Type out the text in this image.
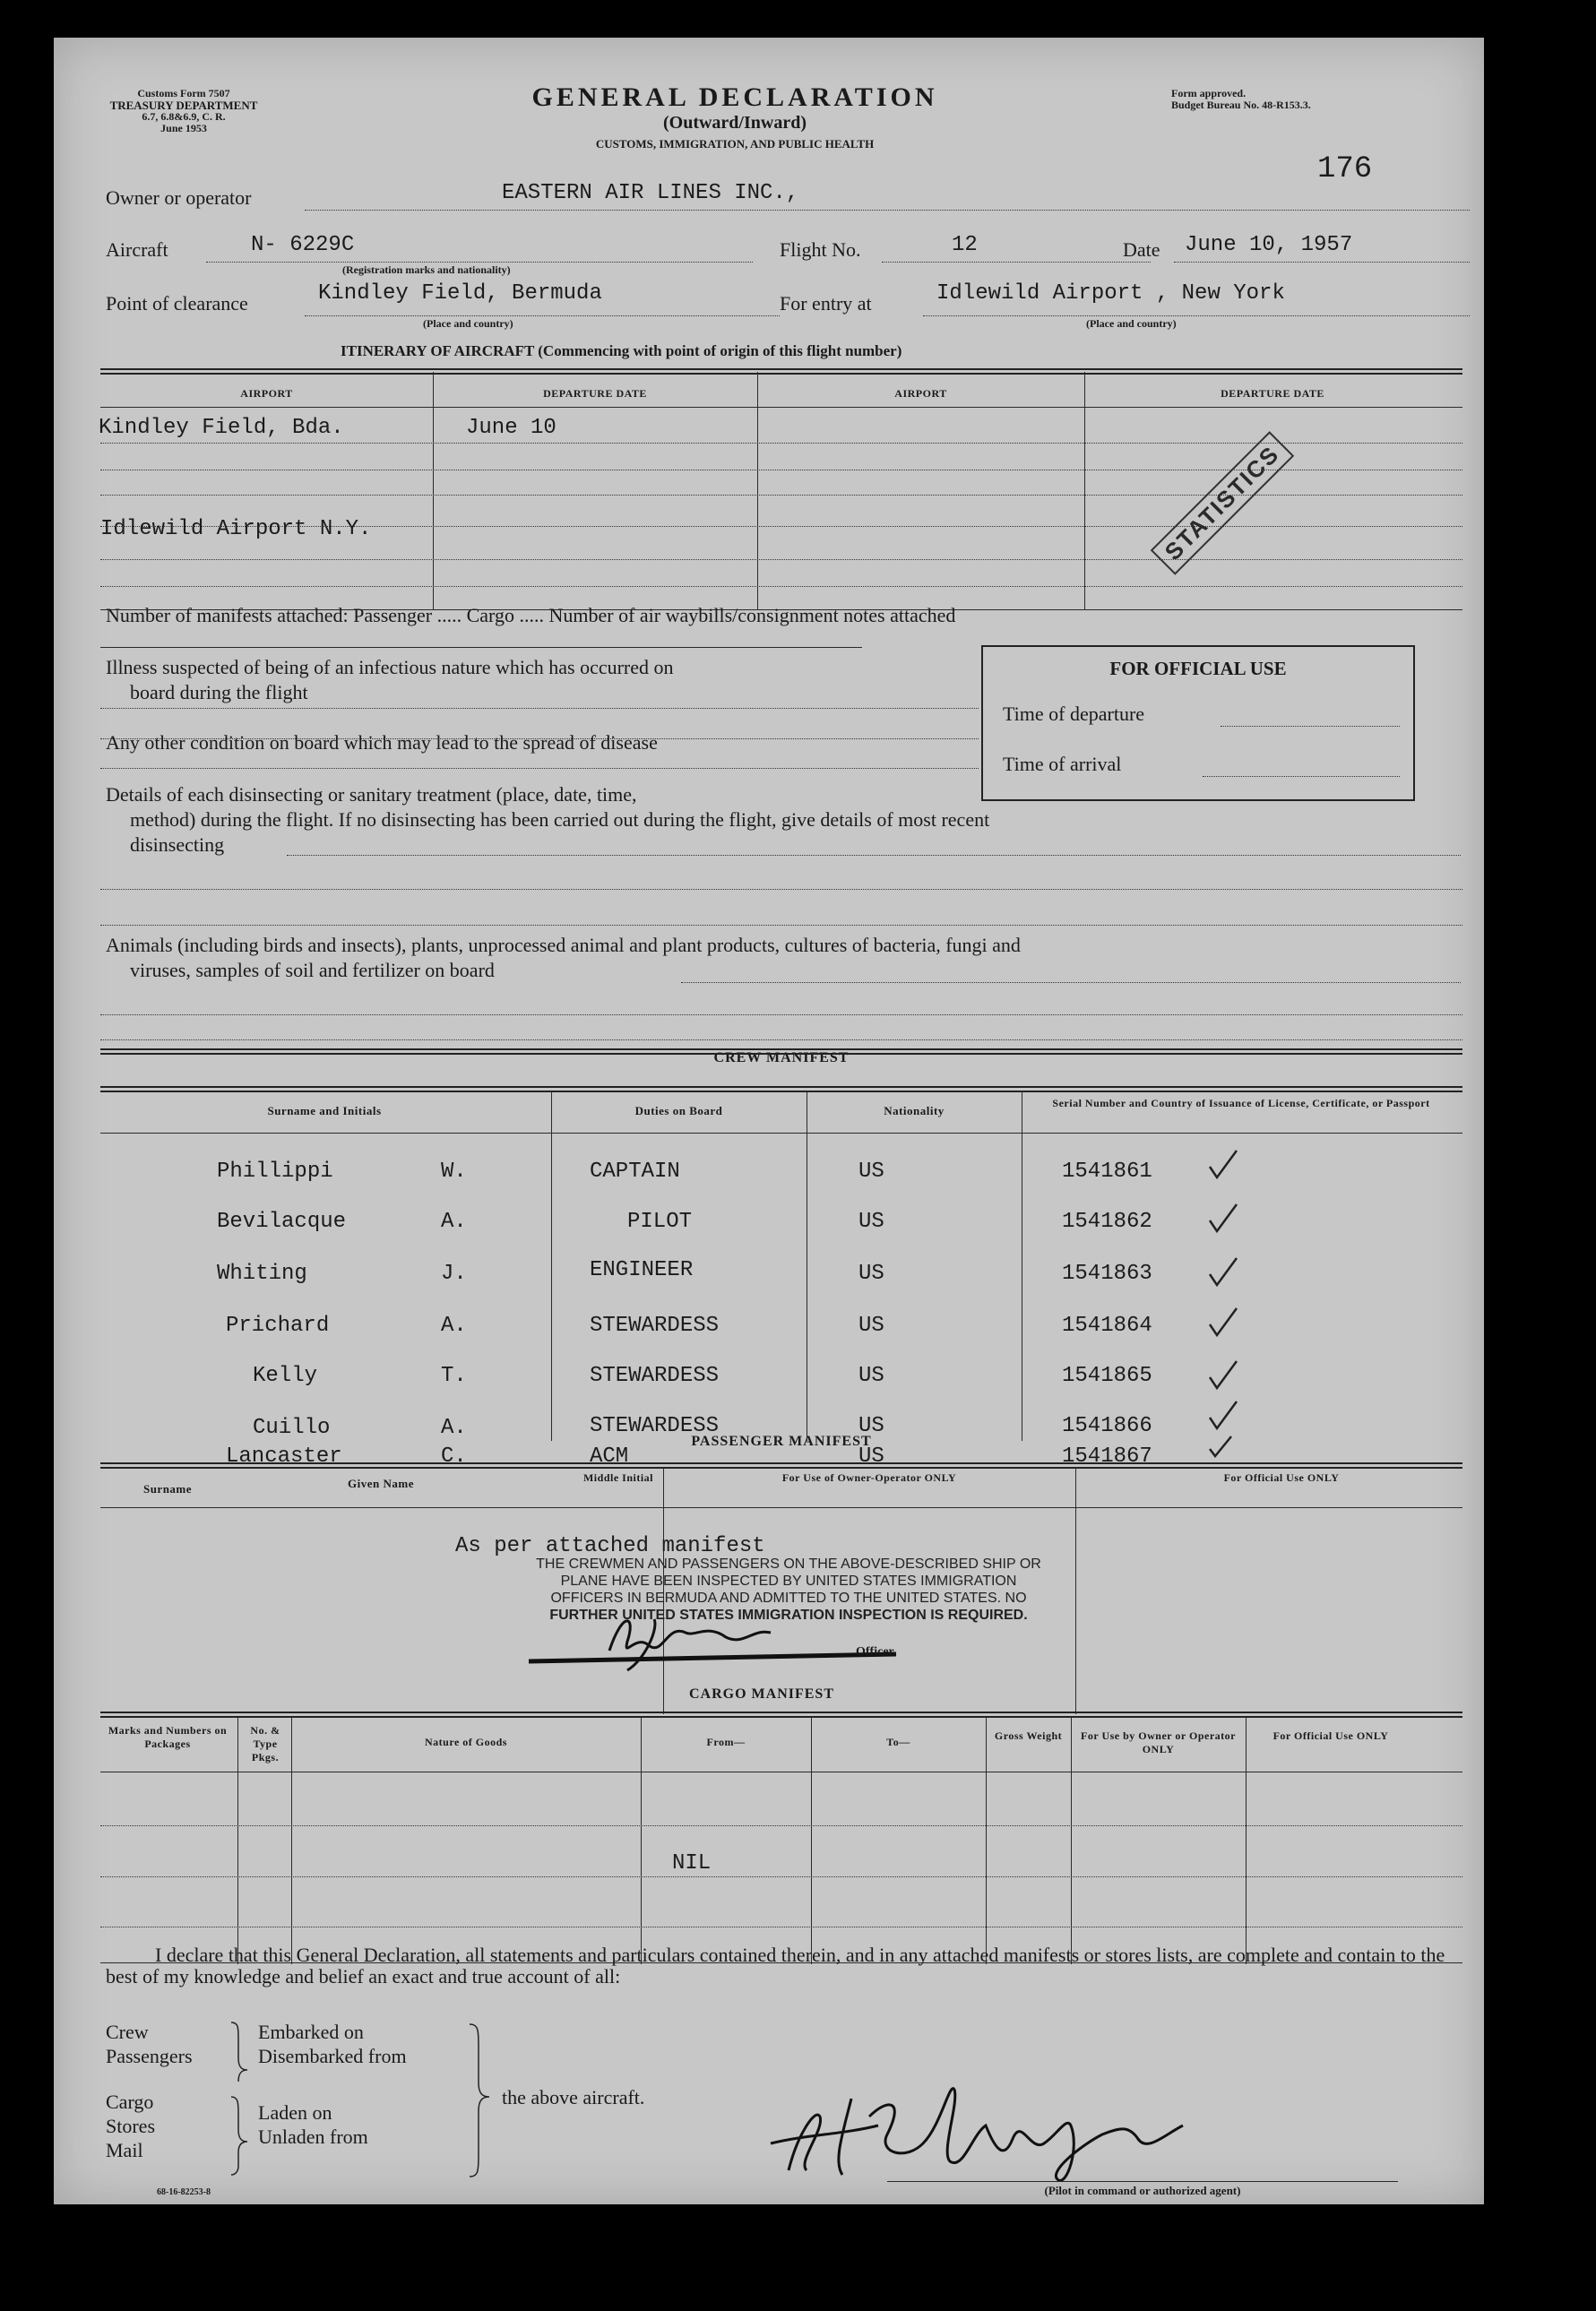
Customs Form 7507
TREASURY DEPARTMENT
6.7, 6.8&6.9, C. R.
June 1953
GENERAL DECLARATION
(Outward/Inward)
CUSTOMS, IMMIGRATION, AND PUBLIC HEALTH
Form approved.
Budget Bureau No. 48-R153.3.
176
Owner or operator	EASTERN AIR LINES INC.,
Aircraft	N- 6229C
(Registration marks and nationality)
Flight No.	12	Date June 10, 1957
Point of clearance	Kindley Field, Bermuda
(Place and country)
For entry at	Idlewild Airport , New York
(Place and country)
ITINERARY OF AIRCRAFT (Commencing with point of origin of this flight number)
AIRPORT	DEPARTURE DATE	AIRPORT	DEPARTURE DATE
Kindley Field, Bda.	June 10
Idlewild Airport N.Y.	STATISTICS
Number of manifests attached: Passenger ..... Cargo ..... Number of air waybills/consignment notes attached
FOR OFFICIAL USE
Time of departure
Time of arrival
Illness suspected of being of an infectious nature which has occurred on
board during the flight
Any other condition on board which may lead to the spread of disease
Details of each disinsecting or sanitary treatment (place, date, time,
method) during the flight. If no disinsecting has been carried out during the flight, give details of most recent
disinsecting
Animals (including birds and insects), plants, unprocessed animal and plant products, cultures of bacteria, fungi and
viruses, samples of soil and fertilizer on board
CREW MANIFEST
Surname and Initials	Duties on Board	Nationality
Serial Number and Country of Issuance of License, Certificate, or Passport
Phillippi	W.	CAPTAIN	US	1541861
Bevilacque	A.	PILOT	US	1541862
Whiting	J.	ENGINEER	US	1541863
Prichard	A.	STEWARDESS	US	1541864
Kelly	T.	STEWARDESS	US	1541865
Cuillo	A.	STEWARDESS	US	1541866
Lancaster	C.	ACM	US	1541867
PASSENGER MANIFEST
Surname	Given Name	Middle Initial	For Use of Owner-Operator ONLY	For Official Use ONLY
As per attached manifest
THE CREWMEN AND PASSENGERS ON THE ABOVE-DESCRIBED SHIP OR
PLANE HAVE BEEN INSPECTED BY UNITED STATES IMMIGRATION
OFFICERS IN BERMUDA AND ADMITTED TO THE UNITED STATES. NO
FURTHER UNITED STATES IMMIGRATION INSPECTION IS REQUIRED.
Officer.
CARGO MANIFEST
Marks and Numbers on Packages
No. & Type Pkgs.
Nature of Goods	From—	To—	Gross Weight	For Use by Owner or Operator ONLY
For Official Use ONLY
NIL
I declare that this General Declaration, all statements and particulars contained therein, and in any attached manifests or stores lists, are complete and contain to the best of my knowledge and belief an exact and true account of all:
Crew
Passengers
Cargo
Stores
Mail
Embarked on
Disembarked from
Laden on
Unladen from
the above aircraft.
(Pilot in command or authorized agent)
68-16-82253-8
